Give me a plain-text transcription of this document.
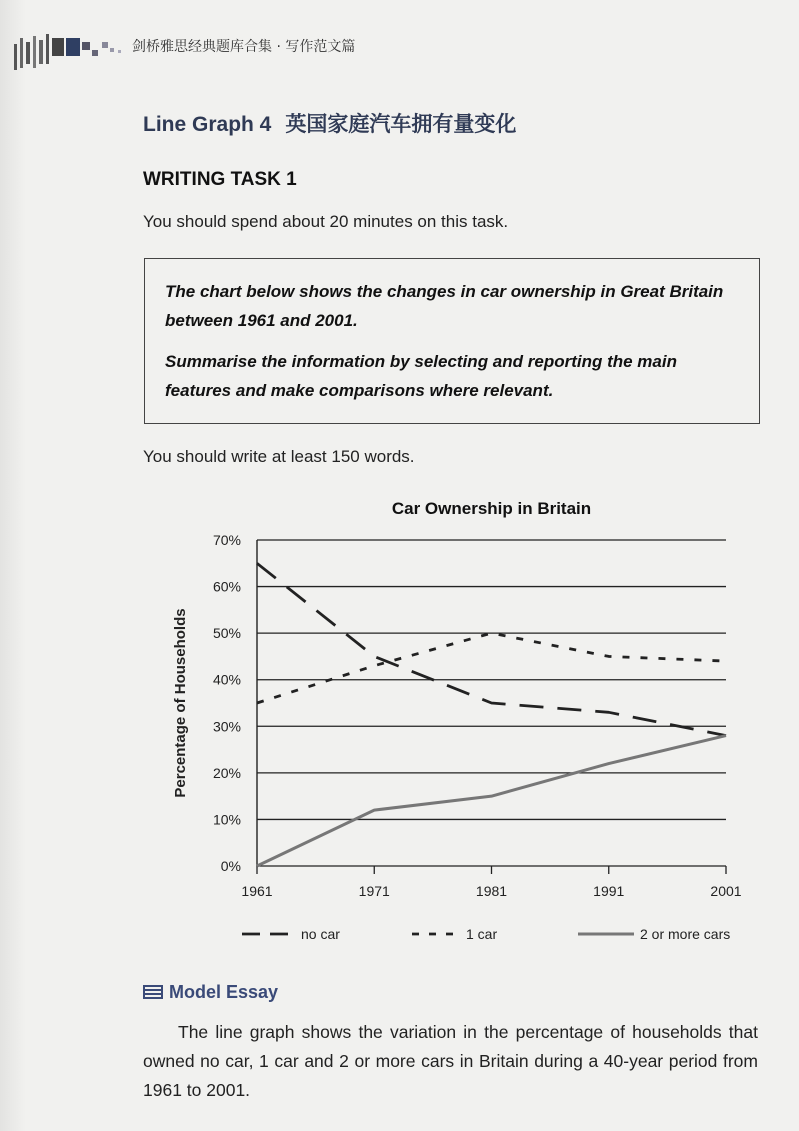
剑桥雅思经典题库合集 · 写作范文篇
Line Graph 4 英国家庭汽车拥有量变化
WRITING TASK 1
You should spend about 20 minutes on this task.

The chart below shows the changes in car ownership in Great Britain between 1961 and 2001.

Summarise the information by selecting and reporting the main features and make comparisons where relevant.

You should write at least 150 words.
Car Ownership in Britain
0%
10%
20%
30%
40%
50%
60%
70%
1961	1971	1981	1991	2001
Percentage of Households
no car	1 car	2 or more cars
Model Essay
The line graph shows the variation in the percentage of households that owned no car, 1 car and 2 or more cars in Britain during a 40-year period from 1961 to 2001.
